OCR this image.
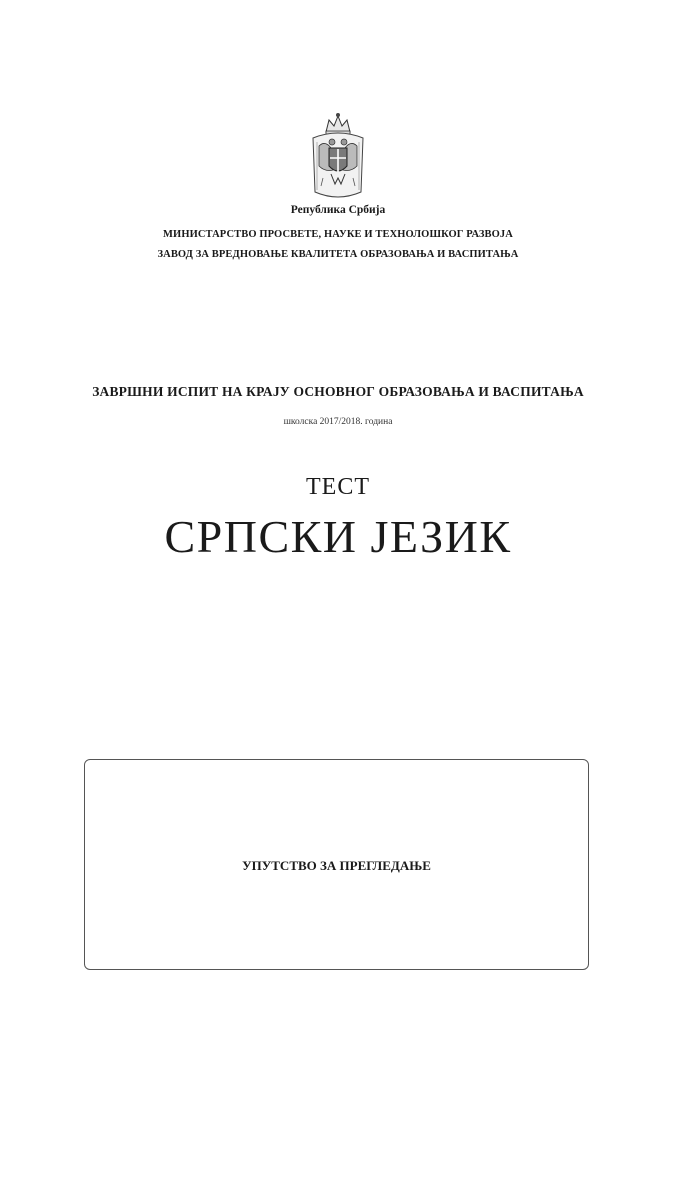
Република Србија
МИНИСТАРСТВО ПРОСВЕТЕ, НАУКЕ И ТЕХНОЛОШКОГ РАЗВОЈА
ЗАВОД ЗА ВРЕДНОВАЊЕ КВАЛИТЕТА ОБРАЗОВАЊА И ВАСПИТАЊА
ЗАВРШНИ ИСПИТ НА КРАЈУ ОСНОВНОГ ОБРАЗОВАЊА И ВАСПИТАЊА
школска 2017/2018. година
ТЕСТ
СРПСКИ ЈЕЗИК
УПУТСТВО ЗА ПРЕГЛЕДАЊЕ
